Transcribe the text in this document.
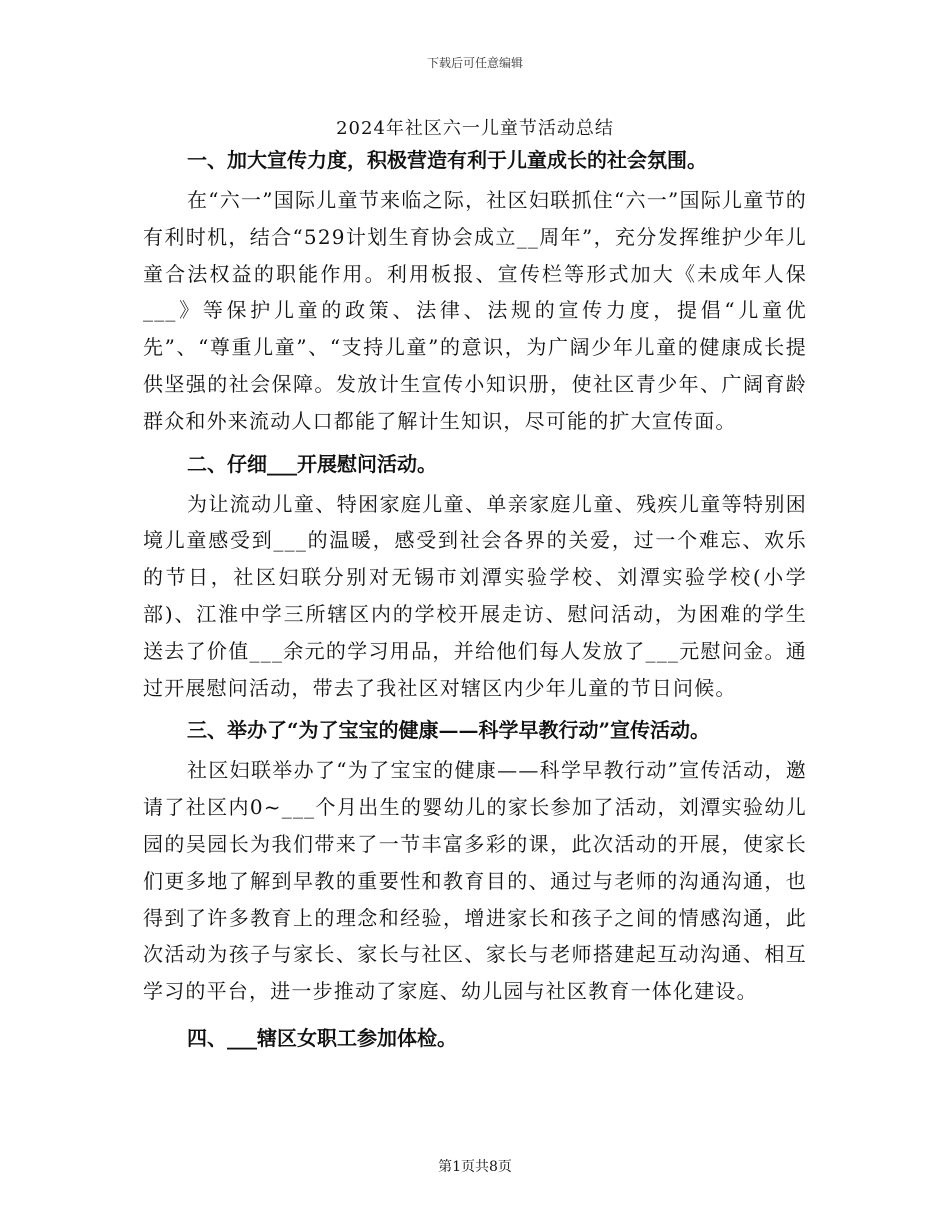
下载后可任意编辑
2024年社区六一儿童节活动总结
一、加大宣传力度，积极营造有利于儿童成长的社会氛围。

在“六一”国际儿童节来临之际，社区妇联抓住“六一”国际儿童节的有利时机，结合“529计划生育协会成立__周年”，充分发挥维护少年儿童合法权益的职能作用。利用板报、宣传栏等形式加大《未成年人保___》等保护儿童的政策、法律、法规的宣传力度，提倡“儿童优先”、“尊重儿童”、“支持儿童”的意识，为广阔少年儿童的健康成长提供坚强的社会保障。发放计生宣传小知识册，使社区青少年、广阔育龄群众和外来流动人口都能了解计生知识，尽可能的扩大宣传面。

二、仔细___开展慰问活动。

为让流动儿童、特困家庭儿童、单亲家庭儿童、残疾儿童等特别困境儿童感受到___的温暖，感受到社会各界的关爱，过一个难忘、欢乐的节日，社区妇联分别对无锡市刘潭实验学校、刘潭实验学校(小学部)、江淮中学三所辖区内的学校开展走访、慰问活动，为困难的学生送去了价值___余元的学习用品，并给他们每人发放了___元慰问金。通过开展慰问活动，带去了我社区对辖区内少年儿童的节日问候。

三、举办了“为了宝宝的健康——科学早教行动”宣传活动。

社区妇联举办了“为了宝宝的健康——科学早教行动”宣传活动，邀请了社区内0~___个月出生的婴幼儿的家长参加了活动，刘潭实验幼儿园的吴园长为我们带来了一节丰富多彩的课，此次活动的开展，使家长们更多地了解到早教的重要性和教育目的、通过与老师的沟通沟通，也得到了许多教育上的理念和经验，增进家长和孩子之间的情感沟通，此次活动为孩子与家长、家长与社区、家长与老师搭建起互动沟通、相互学习的平台，进一步推动了家庭、幼儿园与社区教育一体化建设。

四、___辖区女职工参加体检。
第1页共8页
